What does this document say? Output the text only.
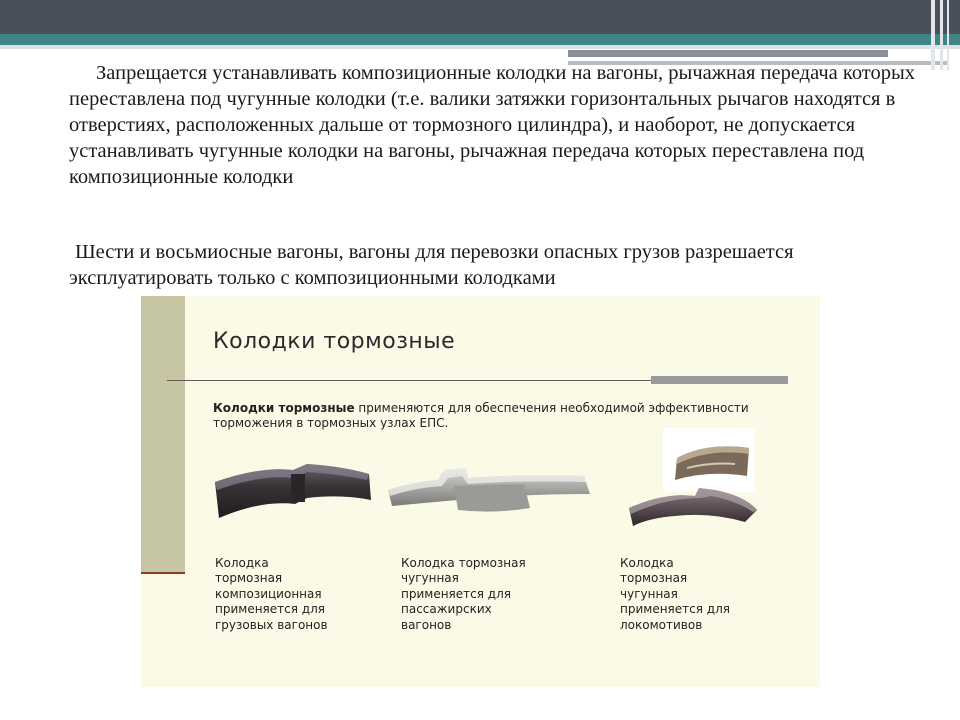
Запрещается устанавливать композиционные колодки на вагоны, рычажная передача которых переставлена под чугунные колодки (т.е. валики затяжки горизонтальных рычагов находятся в отверстиях, расположенных дальше от тормозного цилиндра), и наоборот, не допускается устанавливать чугунные колодки на вагоны, рычажная передача которых переставлена под композиционные колодки

Шести и восьмиосные вагоны, вагоны для перевозки опасных грузов разрешается эксплуатировать только с композиционными колодками

Колодки тормозные
Колодки тормозные применяются для обеспечения необходимой эффективности торможения в тормозных узлах ЕПС.
Колодка
тормозная
композиционная
применяется для
грузовых вагонов
Колодка тормозная
чугунная
применяется для
пассажирских
вагонов
Колодка
тормозная
чугунная
применяется для
локомотивов
